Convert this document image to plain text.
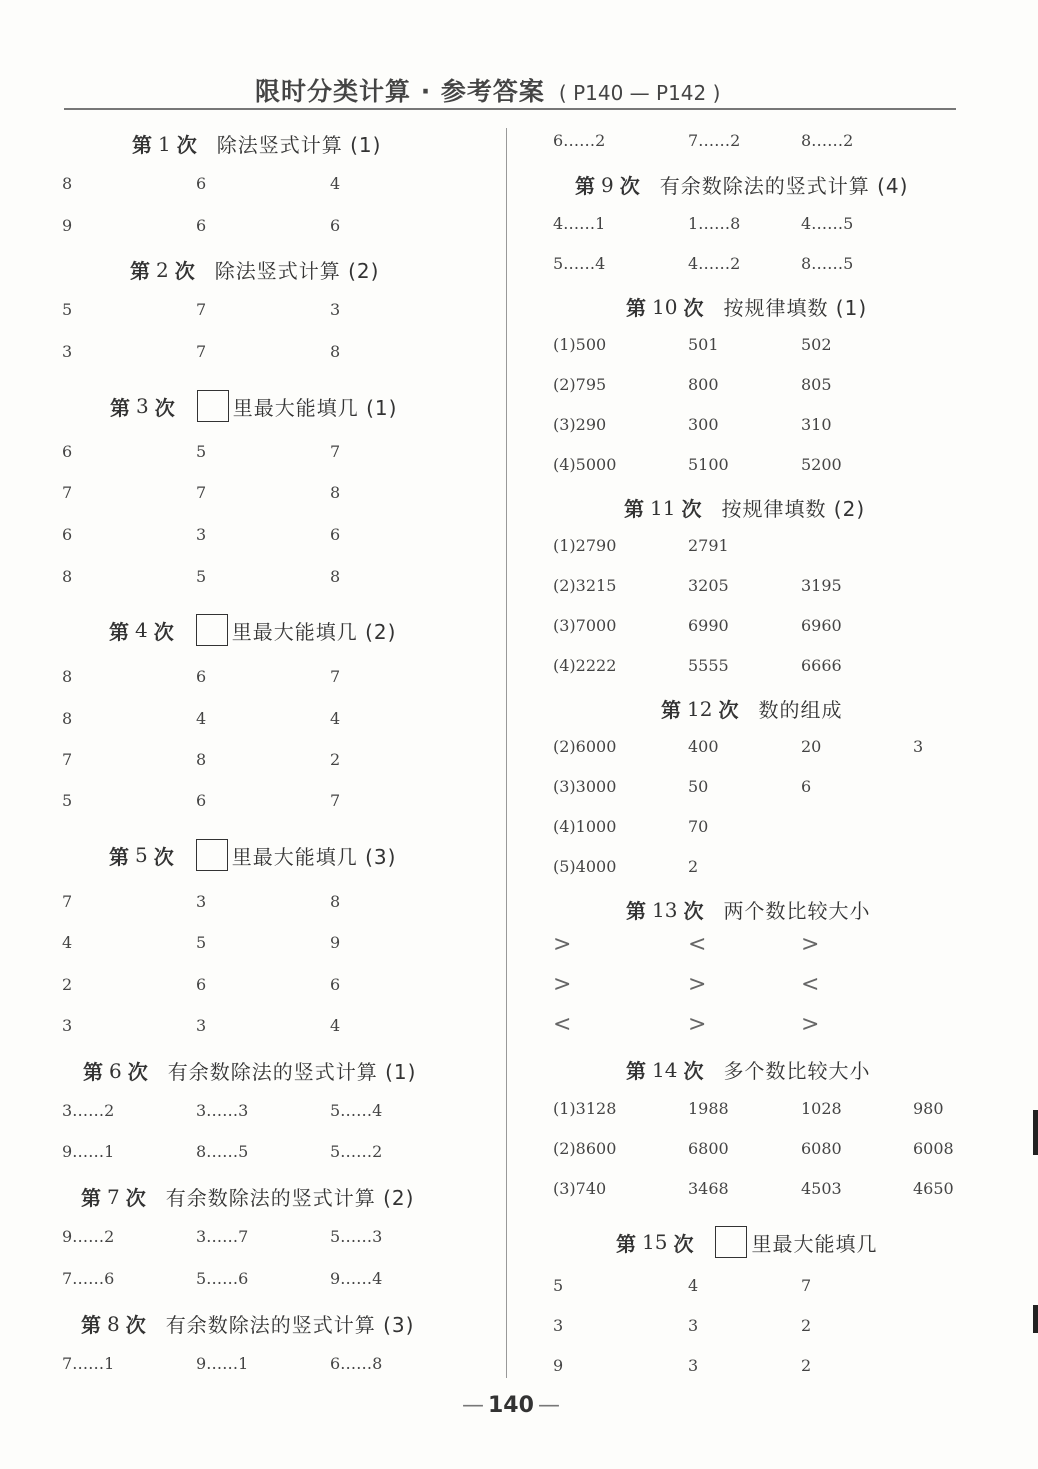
限时分类计算 · 参考答案 ( P140 — P142 )
第 1 次 除法竖式计算 (1)
8	6	4
9	6	6
第 2 次 除法竖式计算 (2)
5	7	3
3	7	8
第 3 次	里最大能填几 (1)
6	5	7
7	7	8
6	3	6
8	5	8
第 4 次	里最大能填几 (2)
8	6	7
8	4	4
7	8	2
5	6	7
第 5 次	里最大能填几 (3)
7	3	8
4	5	9
2	6	6
3	3	4
第 6 次 有余数除法的竖式计算 (1)
3……2	3……3	5……4
9……1	8……5	5……2
第 7 次 有余数除法的竖式计算 (2)
9……2	3……7	5……3
7……6	5……6	9……4
第 8 次 有余数除法的竖式计算 (3)
7……1	9……1	6……8
6……2	7……2	8……2
第 9 次 有余数除法的竖式计算 (4)
4……1	1……8	4……5
5……4	4……2	8……5
第 10 次 按规律填数 (1)
(1)500	501	502
(2)795	800	805
(3)290	300	310
(4)5000	5100	5200
第 11 次 按规律填数 (2)
(1)2790	2791
(2)3215	3205	3195
(3)7000	6990	6960
(4)2222	5555	6666
第 12 次 数的组成
(2)6000	400	20	3
(3)3000	50	6
(4)1000	70
(5)4000	2
第 13 次 两个数比较大小
>	<	>
>	>	<
<	>	>
第 14 次 多个数比较大小
(1)3128	1988	1028	980
(2)8600	6800	6080	6008
(3)740	3468	4503	4650
第 15 次	里最大能填几
5	4	7
3	3	2
9	3	2
— 140 —
